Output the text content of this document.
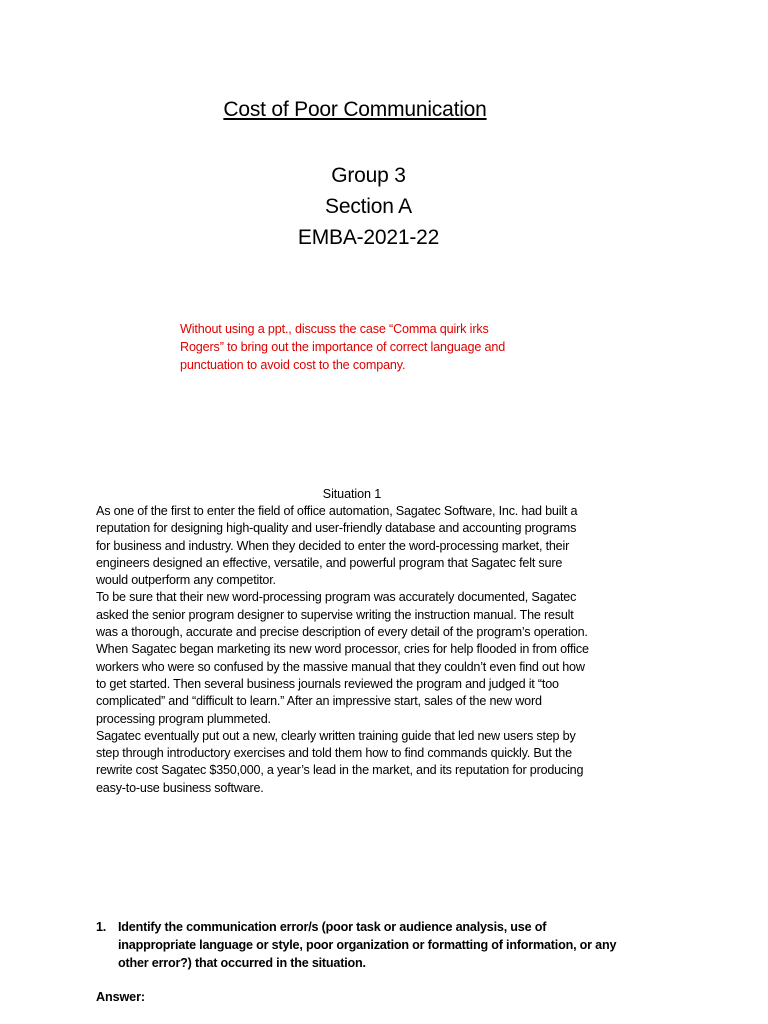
Cost of Poor Communication
Group 3
Section A
EMBA-2021-22
Without using a ppt., discuss the case “Comma quirk irks
Rogers” to bring out the importance of correct language and
punctuation to avoid cost to the company.
Situation 1
As one of the first to enter the field of office automation, Sagatec Software, Inc. had built a
reputation for designing high-quality and user-friendly database and accounting programs
for business and industry. When they decided to enter the word-processing market, their
engineers designed an effective, versatile, and powerful program that Sagatec felt sure
would outperform any competitor.
To be sure that their new word-processing program was accurately documented, Sagatec
asked the senior program designer to supervise writing the instruction manual. The result
was a thorough, accurate and precise description of every detail of the program’s operation.
When Sagatec began marketing its new word processor, cries for help flooded in from office
workers who were so confused by the massive manual that they couldn’t even find out how
to get started. Then several business journals reviewed the program and judged it “too
complicated” and “difficult to learn.” After an impressive start, sales of the new word
processing program plummeted.
Sagatec eventually put out a new, clearly written training guide that led new users step by
step through introductory exercises and told them how to find commands quickly. But the
rewrite cost Sagatec $350,000, a year’s lead in the market, and its reputation for producing
easy-to-use business software.
1. Identify the communication error/s (poor task or audience analysis, use of
inappropriate language or style, poor organization or formatting of information, or any
other error?) that occurred in the situation.
Answer:
